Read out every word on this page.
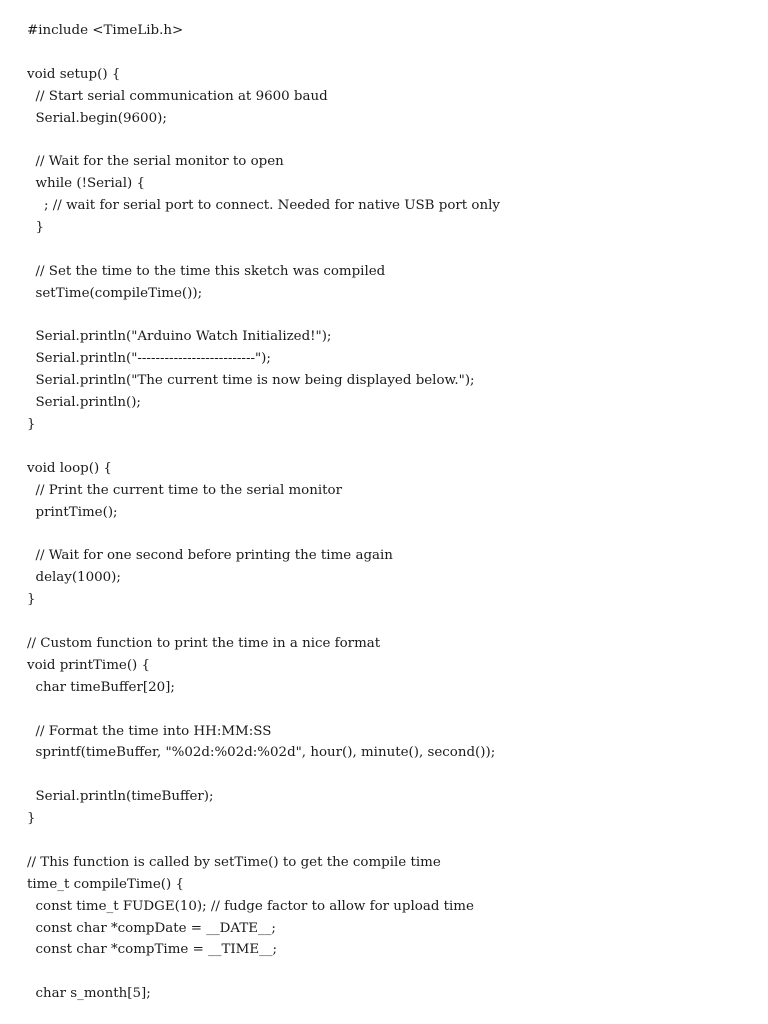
#include <TimeLib.h>
void setup() {
// Start serial communication at 9600 baud
Serial.begin(9600);
// Wait for the serial monitor to open
while (!Serial) {
; // wait for serial port to connect. Needed for native USB port only
}
// Set the time to the time this sketch was compiled
setTime(compileTime());
Serial.println("Arduino Watch Initialized!");
Serial.println("--------------------------");
Serial.println("The current time is now being displayed below.");
Serial.println();
}
void loop() {
// Print the current time to the serial monitor
printTime();
// Wait for one second before printing the time again
delay(1000);
}
// Custom function to print the time in a nice format
void printTime() {
char timeBuffer[20];
// Format the time into HH:MM:SS
sprintf(timeBuffer, "%02d:%02d:%02d", hour(), minute(), second());
Serial.println(timeBuffer);
}
// This function is called by setTime() to get the compile time
time_t compileTime() {
const time_t FUDGE(10); // fudge factor to allow for upload time
const char *compDate = __DATE__;
const char *compTime = __TIME__;
char s_month[5];
